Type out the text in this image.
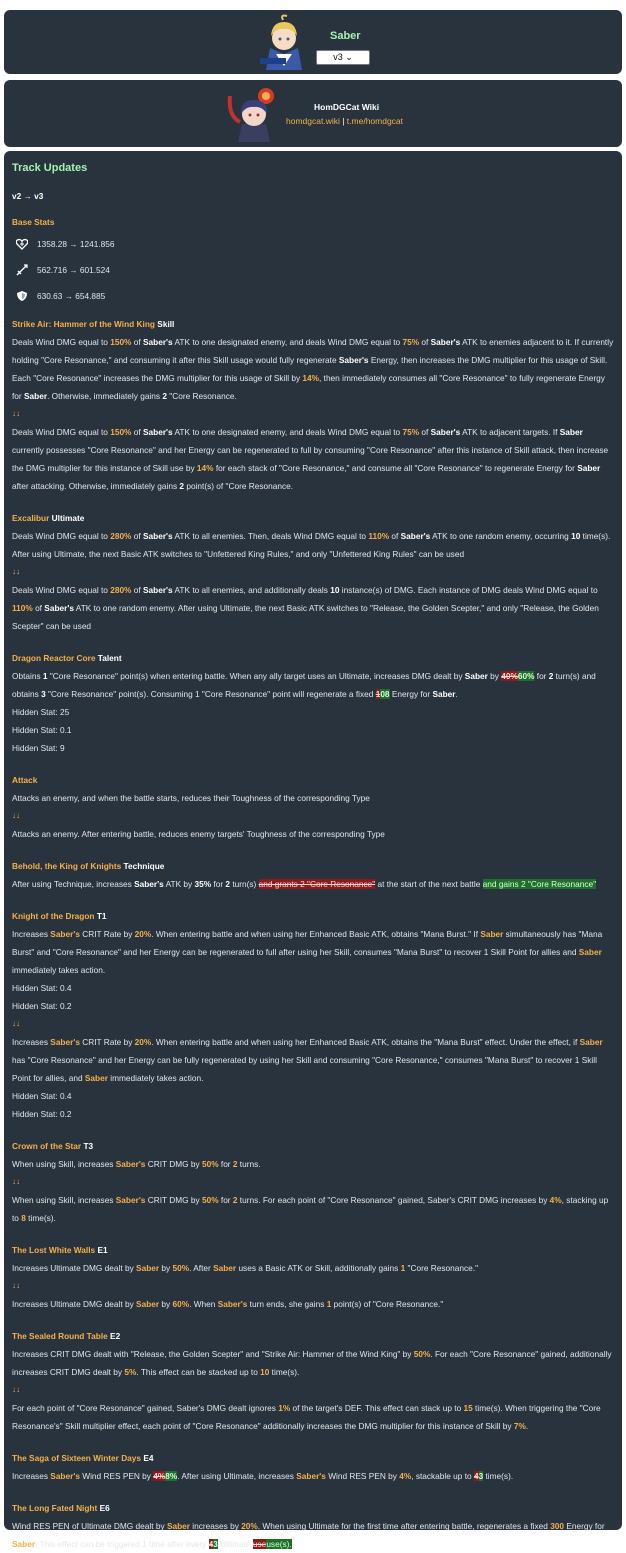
Saber
v3 ⌄
HomDGCat Wiki
homdgcat.wiki | t.me/homdgcat
Track Updates
v2 → v3
Base Stats
1358.28 → 1241.856
562.716 → 601.524
630.63 → 654.885
Strike Air: Hammer of the Wind King Skill
Deals Wind DMG equal to 150% of Saber's ATK to one designated enemy, and deals Wind DMG equal to 75% of Saber's ATK to enemies adjacent to it. If currently holding "Core Resonance," and consuming it after this Skill usage would fully regenerate Saber's Energy, then increases the DMG multiplier for this usage of Skill. Each "Core Resonance" increases the DMG multiplier for this usage of Skill by 14%, then immediately consumes all "Core Resonance" to fully regenerate Energy for Saber. Otherwise, immediately gains 2 "Core Resonance.
↓↓
Deals Wind DMG equal to 150% of Saber's ATK to one designated enemy, and deals Wind DMG equal to 75% of Saber's ATK to adjacent targets. If Saber currently possesses "Core Resonance" and her Energy can be regenerated to full by consuming "Core Resonance" after this instance of Skill attack, then increase the DMG multiplier for this instance of Skill use by 14% for each stack of "Core Resonance," and consume all "Core Resonance" to regenerate Energy for Saber after attacking. Otherwise, immediately gains 2 point(s) of "Core Resonance.
Excalibur Ultimate
Deals Wind DMG equal to 280% of Saber's ATK to all enemies. Then, deals Wind DMG equal to 110% of Saber's ATK to one random enemy, occurring 10 time(s). After using Ultimate, the next Basic ATK switches to "Unfettered King Rules," and only "Unfettered King Rules" can be used
↓↓
Deals Wind DMG equal to 280% of Saber's ATK to all enemies, and additionally deals 10 instance(s) of DMG. Each instance of DMG deals Wind DMG equal to 110% of Saber's ATK to one random enemy. After using Ultimate, the next Basic ATK switches to "Release, the Golden Scepter," and only "Release, the Golden Scepter" can be used
Dragon Reactor Core Talent
Obtains 1 "Core Resonance" point(s) when entering battle. When any ally target uses an Ultimate, increases DMG dealt by Saber by 40%60% for 2 turn(s) and obtains 3 "Core Resonance" point(s). Consuming 1 "Core Resonance" point will regenerate a fixed 108 Energy for Saber.
Hidden Stat: 25
Hidden Stat: 0.1
Hidden Stat: 9
Attack
Attacks an enemy, and when the battle starts, reduces their Toughness of the corresponding Type
↓↓
Attacks an enemy. After entering battle, reduces enemy targets' Toughness of the corresponding Type
Behold, the King of Knights Technique
After using Technique, increases Saber's ATK by 35% for 2 turn(s) and grants 2 "Core Resonance" at the start of the next battle and gains 2 "Core Resonance"
Knight of the Dragon T1
Increases Saber's CRIT Rate by 20%. When entering battle and when using her Enhanced Basic ATK, obtains "Mana Burst." If Saber simultaneously has "Mana Burst" and "Core Resonance" and her Energy can be regenerated to full after using her Skill, consumes "Mana Burst" to recover 1 Skill Point for allies and Saber immediately takes action.
Hidden Stat: 0.4
Hidden Stat: 0.2
↓↓
Increases Saber's CRIT Rate by 20%. When entering battle and when using her Enhanced Basic ATK, obtains the "Mana Burst" effect. Under the effect, if Saber has "Core Resonance" and her Energy can be fully regenerated by using her Skill and consuming "Core Resonance," consumes "Mana Burst" to recover 1 Skill Point for allies, and Saber immediately takes action.
Hidden Stat: 0.4
Hidden Stat: 0.2
Crown of the Star T3
When using Skill, increases Saber's CRIT DMG by 50% for 2 turns.
↓↓
When using Skill, increases Saber's CRIT DMG by 50% for 2 turns. For each point of "Core Resonance" gained, Saber's CRIT DMG increases by 4%, stacking up to 8 time(s).
The Lost White Walls E1
Increases Ultimate DMG dealt by Saber by 50%. After Saber uses a Basic ATK or Skill, additionally gains 1 "Core Resonance."
↓↓
Increases Ultimate DMG dealt by Saber by 60%. When Saber's turn ends, she gains 1 point(s) of "Core Resonance."
The Sealed Round Table E2
Increases CRIT DMG dealt with "Release, the Golden Scepter" and "Strike Air: Hammer of the Wind King" by 50%. For each "Core Resonance" gained, additionally increases CRIT DMG dealt by 5%. This effect can be stacked up to 10 time(s).
↓↓
For each point of "Core Resonance" gained, Saber's DMG dealt ignores 1% of the target's DEF. This effect can stack up to 15 time(s). When triggering the "Core Resonance's" Skill multiplier effect, each point of "Core Resonance" additionally increases the DMG multiplier for this instance of Skill by 7%.
The Saga of Sixteen Winter Days E4
Increases Saber's Wind RES PEN by 4%8%. After using Ultimate, increases Saber's Wind RES PEN by 4%, stackable up to 43 time(s).
The Long Fated Night E6
Wind RES PEN of Ultimate DMG dealt by Saber increases by 20%. When using Ultimate for the first time after entering battle, regenerates a fixed 300 Energy for Saber. This effect can be triggered 1 time after every 43 Ultimate useuse(s).
